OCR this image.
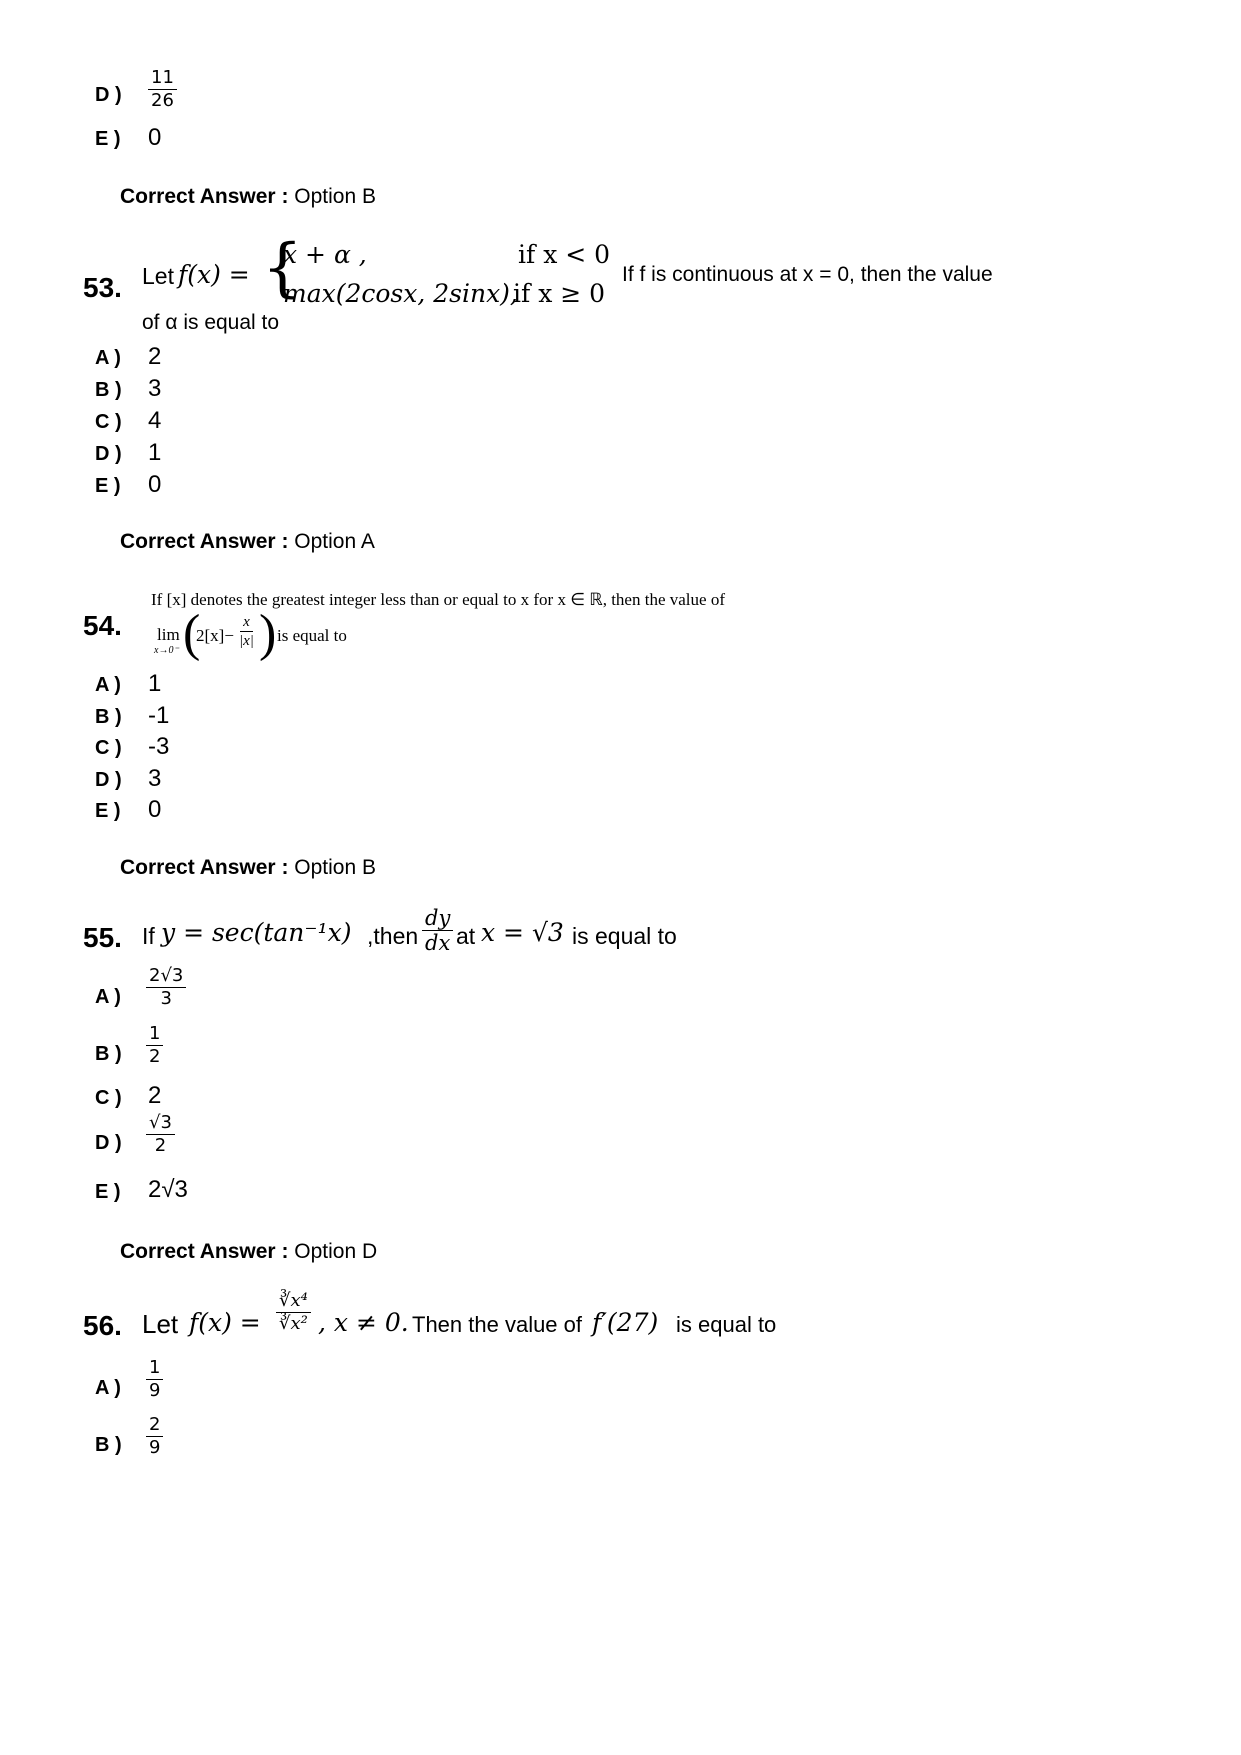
D ) $\frac{11}{26}$
E ) 0
Correct Answer : Option B
53. Let f(x) = {
x + α ,	if x < 0
max(2cosx, 2sinx),
if x ≥ 0
If f is continuous at x = 0, then the value
of α is equal to
A ) 2
B ) 3
C ) 4
D ) 1
E ) 0
Correct Answer : Option A
54.
If [x] denotes the greatest integer less than or equal to x for x ∈ ℝ, then the value of
lim
x→0⁻ (
$2[x]- \frac{x}{|x|}$ ) is equal to
A ) 1
B ) -1
C ) -3
D ) 3
E ) 0
Correct Answer : Option B
55. If y = sec(tan⁻¹x) ,then $\frac{dy}{dx}$ at x = √3 is equal to
A ) $\frac{2√3}{3}$
B ) $\frac{1}{2}$
C ) 2
D ) $\frac{√3}{2}$
E ) 2√3
Correct Answer : Option D
56. Let $f(x) = \frac{\text{∛x⁴}}{\text{∛x²}}$ , x ≠ 0. Then the value of f′(27) is equal to
A ) $\frac{1}{9}$
B ) $\frac{2}{9}$
